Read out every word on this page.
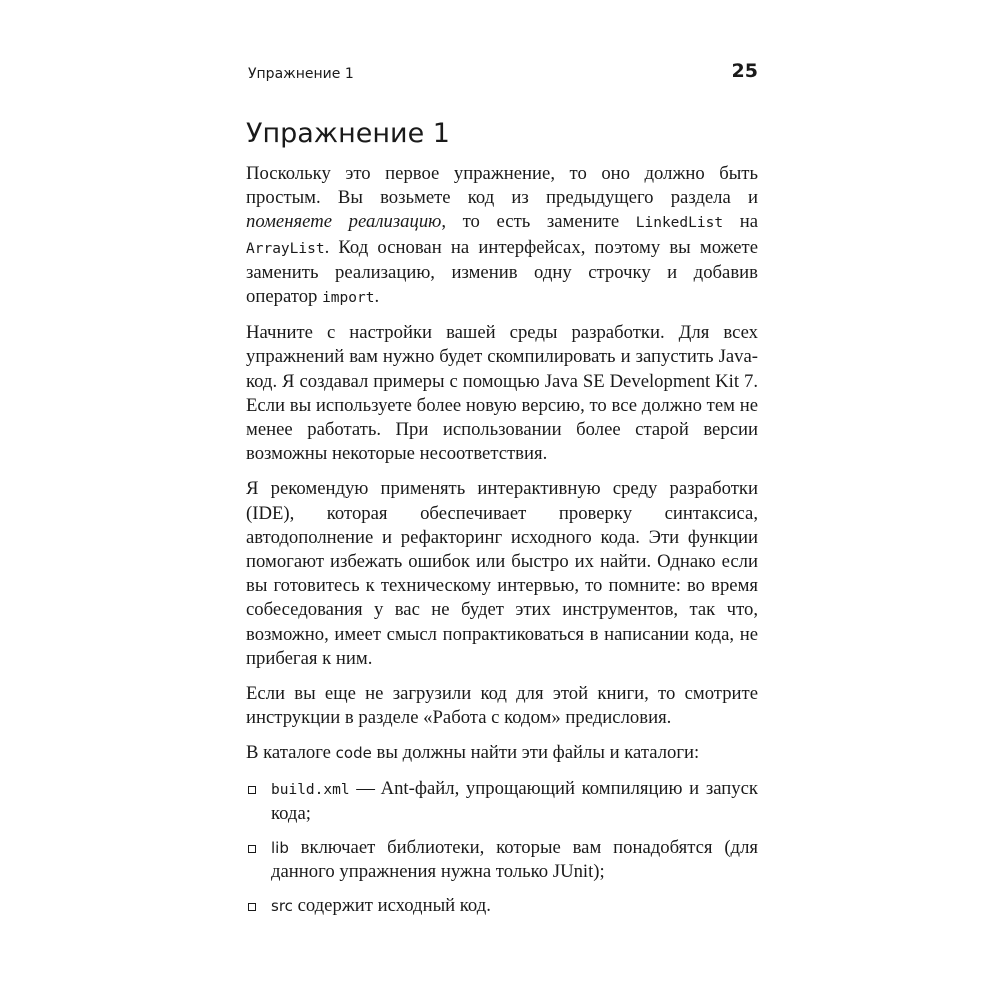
Упражнение 1	25
Упражнение 1

Поскольку это первое упражнение, то оно должно быть простым. Вы возьмете код из предыдущего раздела и поменяете реализацию, то есть замените LinkedList на ArrayList. Код основан на интерфейсах, поэтому вы можете заменить реализацию, изменив одну строчку и добавив оператор import.

Начните с настройки вашей среды разработки. Для всех упражнений вам нужно будет скомпилировать и запустить Java-код. Я создавал примеры с помощью Java SE Development Kit 7. Если вы используете более новую версию, то все должно тем не менее работать. При использовании более старой версии возможны некоторые несоответствия.

Я рекомендую применять интерактивную среду разработки (IDE), которая обеспечивает проверку синтаксиса, автодополнение и рефакторинг исходного кода. Эти функции помогают избежать ошибок или быстро их найти. Однако если вы готовитесь к техническому интервью, то помните: во время собеседования у вас не будет этих инструментов, так что, возможно, имеет смысл попрактиковаться в написании кода, не прибегая к ним.

Если вы еще не загрузили код для этой книги, то смотрите инструкции в разделе «Работа с кодом» предисловия.

В каталоге code вы должны найти эти файлы и каталоги:

build.xml — Ant-файл, упрощающий компиляцию и запуск кода;
lib включает библиотеки, которые вам понадобятся (для данного упражнения нужна только JUnit);
src содержит исходный код.
